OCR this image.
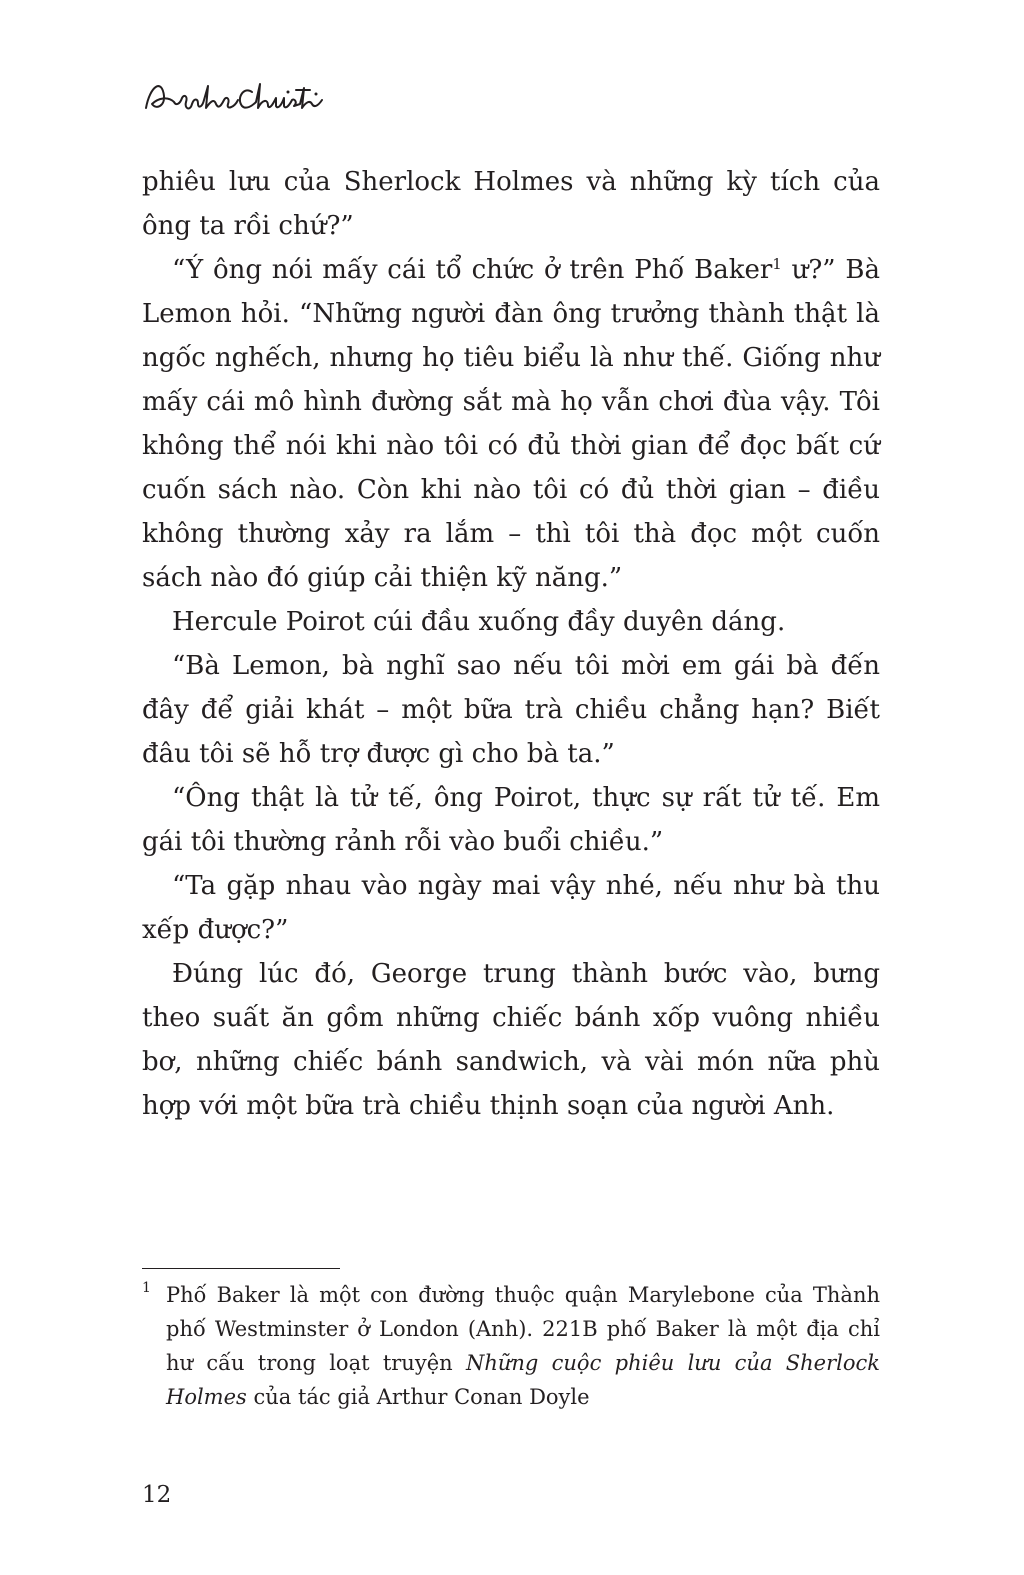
phiêu lưu của Sherlock Holmes và những kỳ tích của ông ta rồi chứ?”

“Ý ông nói mấy cái tổ chức ở trên Phố Baker$^1$ ư?” Bà Lemon hỏi. “Những người đàn ông trưởng thành thật là ngốc nghếch, nhưng họ tiêu biểu là như thế. Giống như mấy cái mô hình đường sắt mà họ vẫn chơi đùa vậy. Tôi không thể nói khi nào tôi có đủ thời gian để đọc bất cứ cuốn sách nào. Còn khi nào tôi có đủ thời gian – điều không thường xảy ra lắm – thì tôi thà đọc một cuốn sách nào đó giúp cải thiện kỹ năng.”

Hercule Poirot cúi đầu xuống đầy duyên dáng.

“Bà Lemon, bà nghĩ sao nếu tôi mời em gái bà đến đây để giải khát – một bữa trà chiều chẳng hạn? Biết đâu tôi sẽ hỗ trợ được gì cho bà ta.”

“Ông thật là tử tế, ông Poirot, thực sự rất tử tế. Em gái tôi thường rảnh rỗi vào buổi chiều.”

“Ta gặp nhau vào ngày mai vậy nhé, nếu như bà thu xếp được?”

Đúng lúc đó, George trung thành bước vào, bưng theo suất ăn gồm những chiếc bánh xốp vuông nhiều bơ, những chiếc bánh sandwich, và vài món nữa phù hợp với một bữa trà chiều thịnh soạn của người Anh.

1 Phố Baker là một con đường thuộc quận Marylebone của Thành phố Westminster ở London (Anh). 221B phố Baker là một địa chỉ hư cấu trong loạt truyện Những cuộc phiêu lưu của Sherlock Holmes của tác giả Arthur Conan Doyle
12
